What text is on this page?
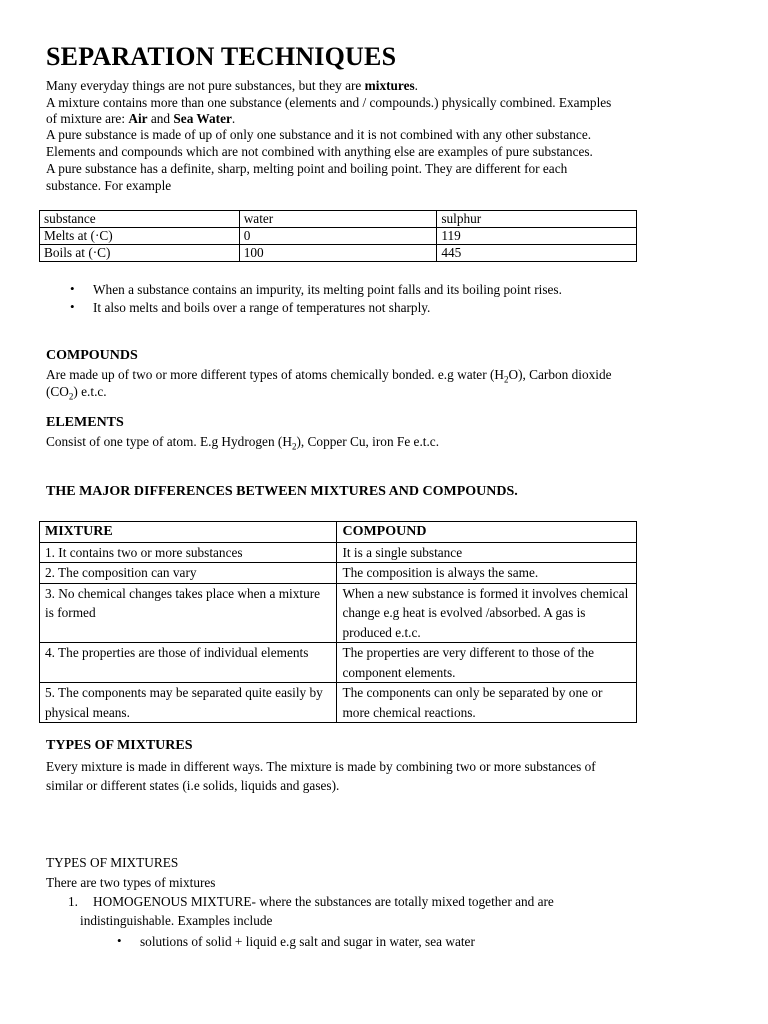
SEPARATION TECHNIQUES
Many everyday things are not pure substances, but they are mixtures.
A mixture contains more than one substance (elements and / compounds.) physically combined. Examples
of mixture are: Air and Sea Water.
A pure substance is made of up of only one substance and it is not combined with any other substance.
Elements and compounds which are not combined with anything else are examples of pure substances.
A pure substance has a definite, sharp, melting point and boiling point. They are different for each
substance. For example
substance	water	sulphur
Melts at (·C)	0	119
Boils at (·C)	100	445
• When a substance contains an impurity, its melting point falls and its boiling point rises.
• It also melts and boils over a range of temperatures not sharply.
COMPOUNDS
Are made up of two or more different types of atoms chemically bonded. e.g water $(H_2O)$, Carbon dioxide
$(CO_2)$ e.t.c.
ELEMENTS
Consist of one type of atom. E.g Hydrogen $(H_2)$, Copper Cu, iron Fe e.t.c.
THE MAJOR DIFFERENCES BETWEEN MIXTURES AND COMPOUNDS.
MIXTURE	COMPOUND
1. It contains two or more substances	It is a single substance
2. The composition can vary	The composition is always the same.
3. No chemical changes takes place when a mixture is formed	When a new substance is formed it involves chemical change e.g heat is evolved /absorbed. A gas is produced e.t.c.
4. The properties are those of individual elements	The properties are very different to those of the component elements.
5. The components may be separated quite easily by physical means.	The components can only be separated by one or more chemical reactions.
TYPES OF MIXTURES
Every mixture is made in different ways. The mixture is made by combining two or more substances of
similar or different states (i.e solids, liquids and gases).
TYPES OF MIXTURES
There are two types of mixtures
1. HOMOGENOUS MIXTURE- where the substances are totally mixed together and are
indistinguishable. Examples include
• solutions of solid + liquid e.g salt and sugar in water, sea water
